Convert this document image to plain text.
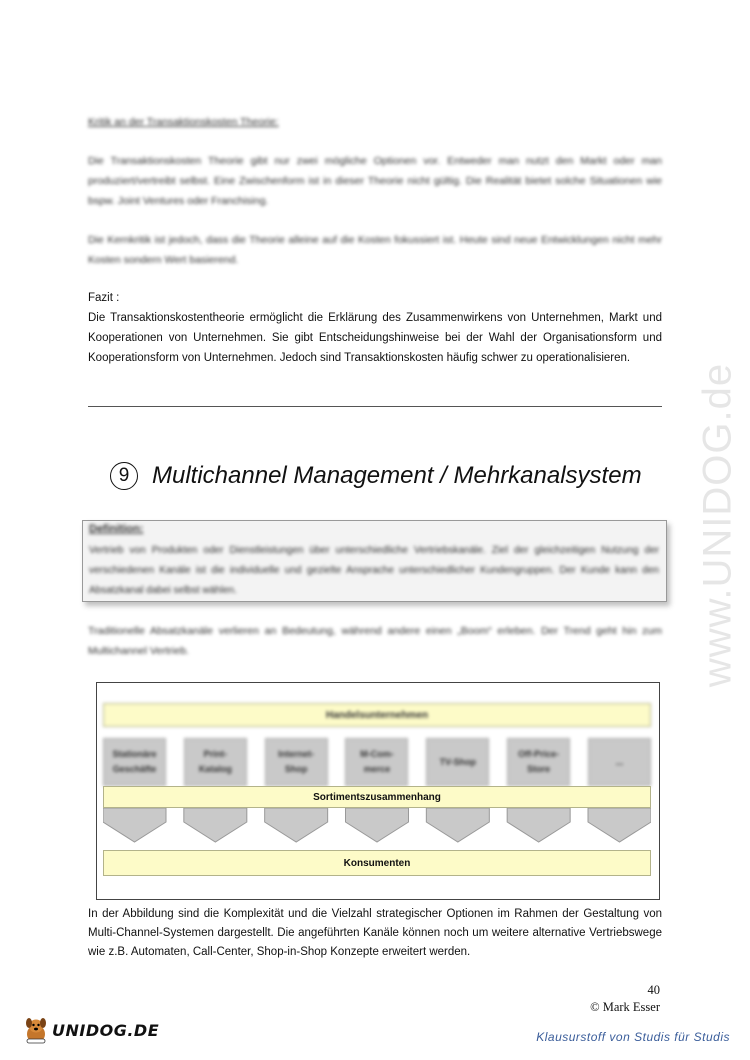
www.UNIDOG.de
Kritik an der Transaktionskosten Theorie:
Die Transaktionskosten Theorie gibt nur zwei mögliche Optionen vor. Entweder man nutzt den Markt oder man produziert/vertreibt selbst. Eine Zwischenform ist in dieser Theorie nicht gültig. Die Realität bietet solche Situationen wie bspw. Joint Ventures oder Franchising.
Die Kernkritik ist jedoch, dass die Theorie alleine auf die Kosten fokussiert ist. Heute sind neue Entwicklungen nicht mehr Kosten sondern Wert basierend.
Fazit :
Die Transaktionskostentheorie ermöglicht die Erklärung des Zusammenwirkens von Unternehmen, Markt und Kooperationen von Unternehmen. Sie gibt Entscheidungshinweise bei der Wahl der Organisationsform und Kooperationsform von Unternehmen. Jedoch sind Transaktionskosten häufig schwer zu operationalisieren.
9 Multichannel Management / Mehrkanalsystem
Definition:
Vertrieb von Produkten oder Dienstleistungen über unterschiedliche Vertriebskanäle. Ziel der gleichzeitigen Nutzung der verschiedenen Kanäle ist die individuelle und gezielte Ansprache unterschiedlicher Kundengruppen. Der Kunde kann den Absatzkanal dabei selbst wählen.
Traditionelle Absatzkanäle verlieren an Bedeutung, während andere einen „Boom“ erleben. Der Trend geht hin zum Multichannel Vertrieb.
Handelsunternehmen
Stationäre
Geschäfte
Print-
Katalog
Internet-
Shop
M-Com-
merce
TV-Shop
Off-Price-
Store
...
Sortimentszusammenhang
Konsumenten
In der Abbildung sind die Komplexität und die Vielzahl strategischer Optionen im Rahmen der Gestaltung von Multi-Channel-Systemen dargestellt. Die angeführten Kanäle können noch um weitere alternative Vertriebswege wie z.B. Automaten, Call-Center, Shop-in-Shop Konzepte erweitert werden.
40
© Mark Esser
UNIDOG.DE	Klausurstoff von Studis für Studis
